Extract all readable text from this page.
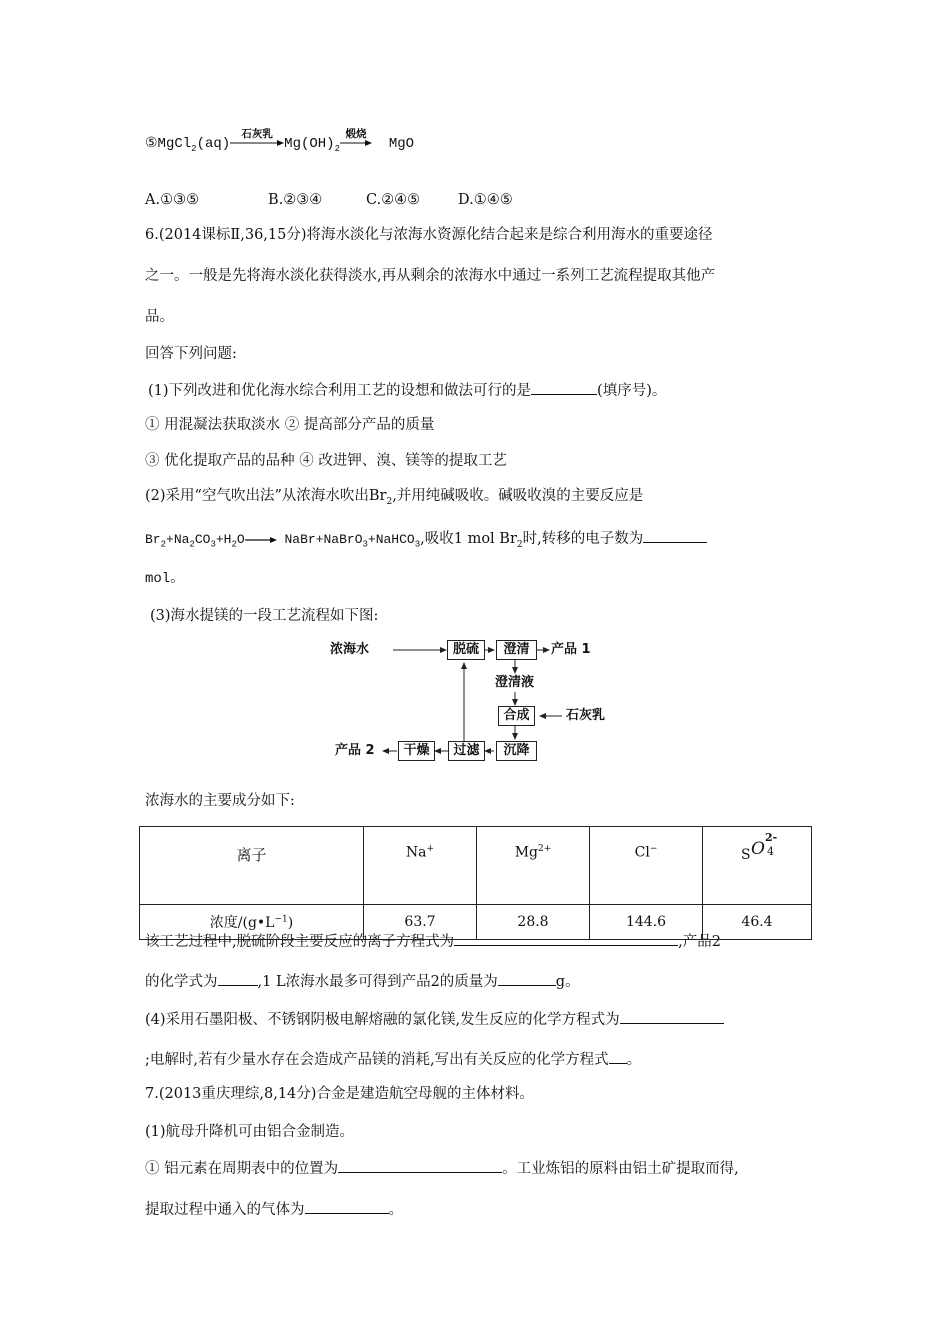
⑤MgCl$_2$(aq)
石灰乳
$Mg(OH)_2$
煅烧
MgO
A.①③⑤	B.②③④	C.②④⑤	D.①④⑤
6.(2014课标Ⅱ,36,15分)将海水淡化与浓海水资源化结合起来是综合利用海水的重要途径
之一。一般是先将海水淡化获得淡水,再从剩余的浓海水中通过一系列工艺流程提取其他产
品。
回答下列问题:
(1)下列改进和优化海水综合利用工艺的设想和做法可行的是	(填序号)。
① 用混凝法获取淡水 ② 提高部分产品的质量
③ 优化提取产品的品种 ④ 改进钾、溴、镁等的提取工艺
(2)采用“空气吹出法”从浓海水吹出$Br_2$,并用纯碱吸收。碱吸收溴的主要反应是
$Br_2+Na_2CO_3+H_2O$	NaBr+NaBrO$_3$+NaHCO$_3$,吸收1 mol $Br_2$时,转移的电子数为
mol。
(3)海水提镁的一段工艺流程如下图:
浓海水	脱硫	澄清	产品 1
澄清液
合成	石灰乳
沉降
过滤
干燥
产品 2
浓海水的主要成分如下:
离子	Na+	$Mg^{2+}$	Cl−	S O
2-
4

浓度$/(g•L^{-1})$	63.7	28.8	144.6	46.4
该工艺过程中,脱硫阶段主要反应的离子方程式为	,产品2
的化学式为	,1 L浓海水最多可得到产品2的质量为	g。
(4)采用石墨阳极、不锈钢阴极电解熔融的氯化镁,发生反应的化学方程式为
;电解时,若有少量水存在会造成产品镁的消耗,写出有关反应的化学方程式 。
7.(2013重庆理综,8,14分)合金是建造航空母舰的主体材料。
(1)航母升降机可由铝合金制造。
① 铝元素在周期表中的位置为	。工业炼铝的原料由铝土矿提取而得,
提取过程中通入的气体为	。
